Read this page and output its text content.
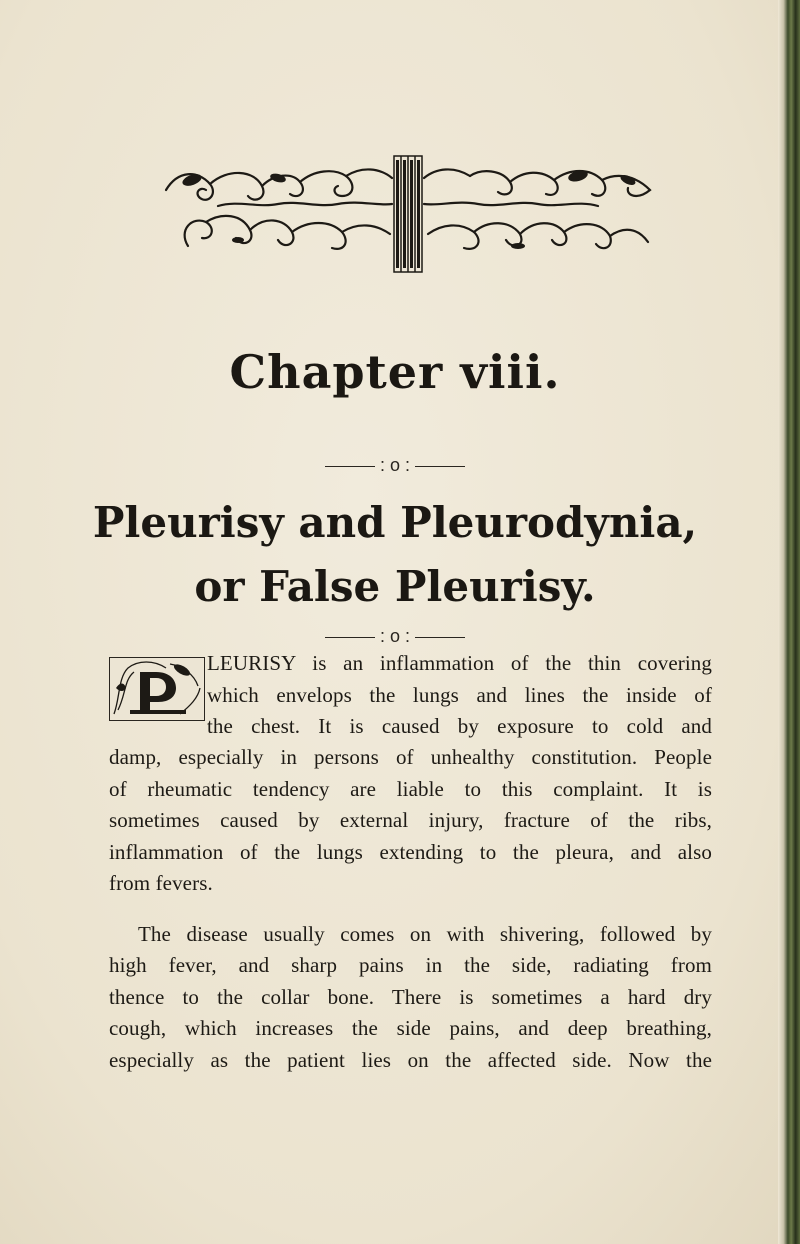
Chapter viii.
: o :
Pleurisy and Pleurodynia,
or False Pleurisy.
: o :
LEURISY is an inflammation of the thin covering
which envelops the lungs and lines the inside of
the chest. It is caused by exposure to cold and
damp, especially in persons of unhealthy constitution. People
of rheumatic tendency are liable to this complaint. It is
sometimes caused by external injury, fracture of the ribs,
inflammation of the lungs extending to the pleura, and also
from fevers.
The disease usually comes on with shivering, followed by
high fever, and sharp pains in the side, radiating from
thence to the collar bone. There is sometimes a hard dry
cough, which increases the side pains, and deep breathing,
especially as the patient lies on the affected side. Now the
